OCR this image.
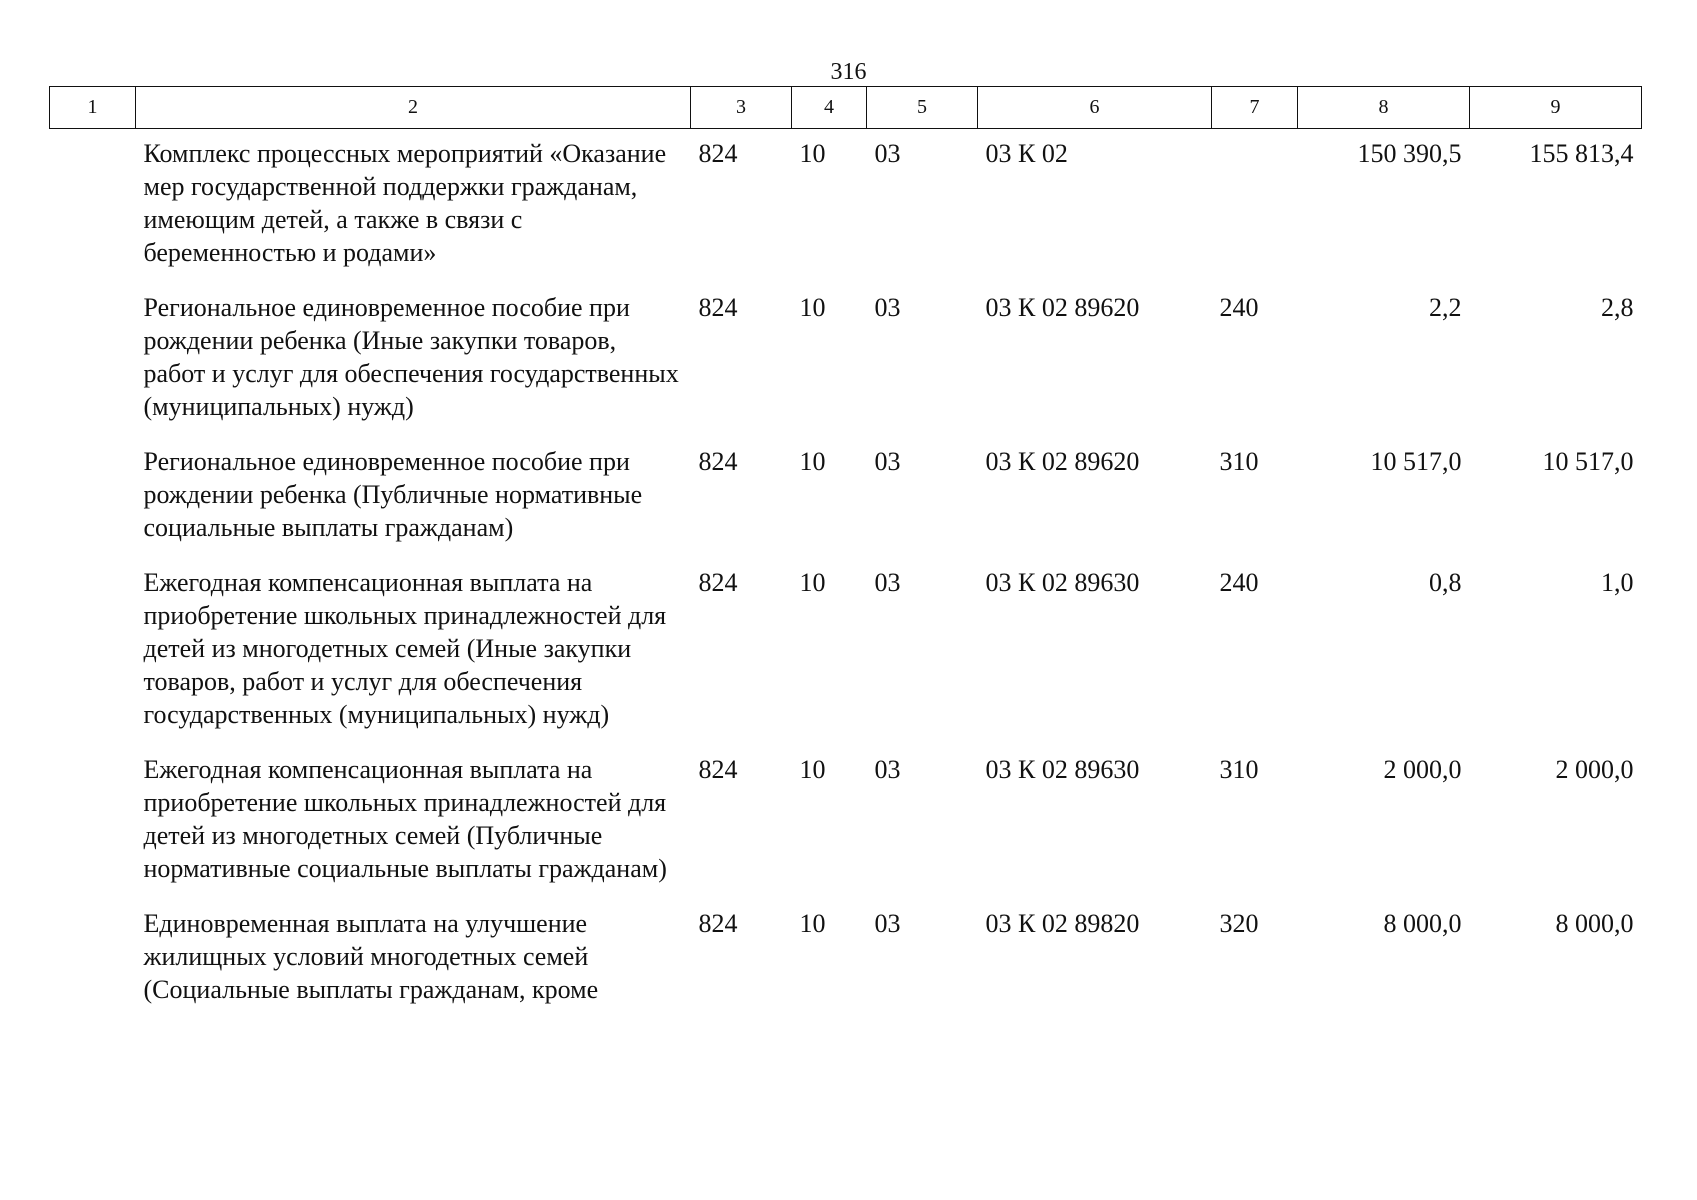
316
1	2	3	4	5	6	7	8	9
	Комплекс процессных мероприятий «Оказание мер государственной поддержки гражданам, имеющим детей, а также в связи с беременностью и родами»	824	10	03	03 К 02		150 390,5	155 813,4
	Региональное единовременное пособие при рождении ребенка (Иные закупки товаров, работ и услуг для обеспечения государственных (муниципальных) нужд)	824	10	03	03 К 02 89620	240	2,2	2,8
	Региональное единовременное пособие при рождении ребенка (Публичные нормативные социальные выплаты гражданам)	824	10	03	03 К 02 89620	310	10 517,0	10 517,0
	Ежегодная компенсационная выплата на приобретение школьных принадлежностей для детей из многодетных семей (Иные закупки товаров, работ и услуг для обеспечения государственных (муниципальных) нужд)	824	10	03	03 К 02 89630	240	0,8	1,0
	Ежегодная компенсационная выплата на приобретение школьных принадлежностей для детей из многодетных семей (Публичные нормативные социальные выплаты гражданам)	824	10	03	03 К 02 89630	310	2 000,0	2 000,0
	Единовременная выплата на улучшение жилищных условий многодетных семей (Социальные выплаты гражданам, кроме	824	10	03	03 К 02 89820	320	8 000,0	8 000,0
